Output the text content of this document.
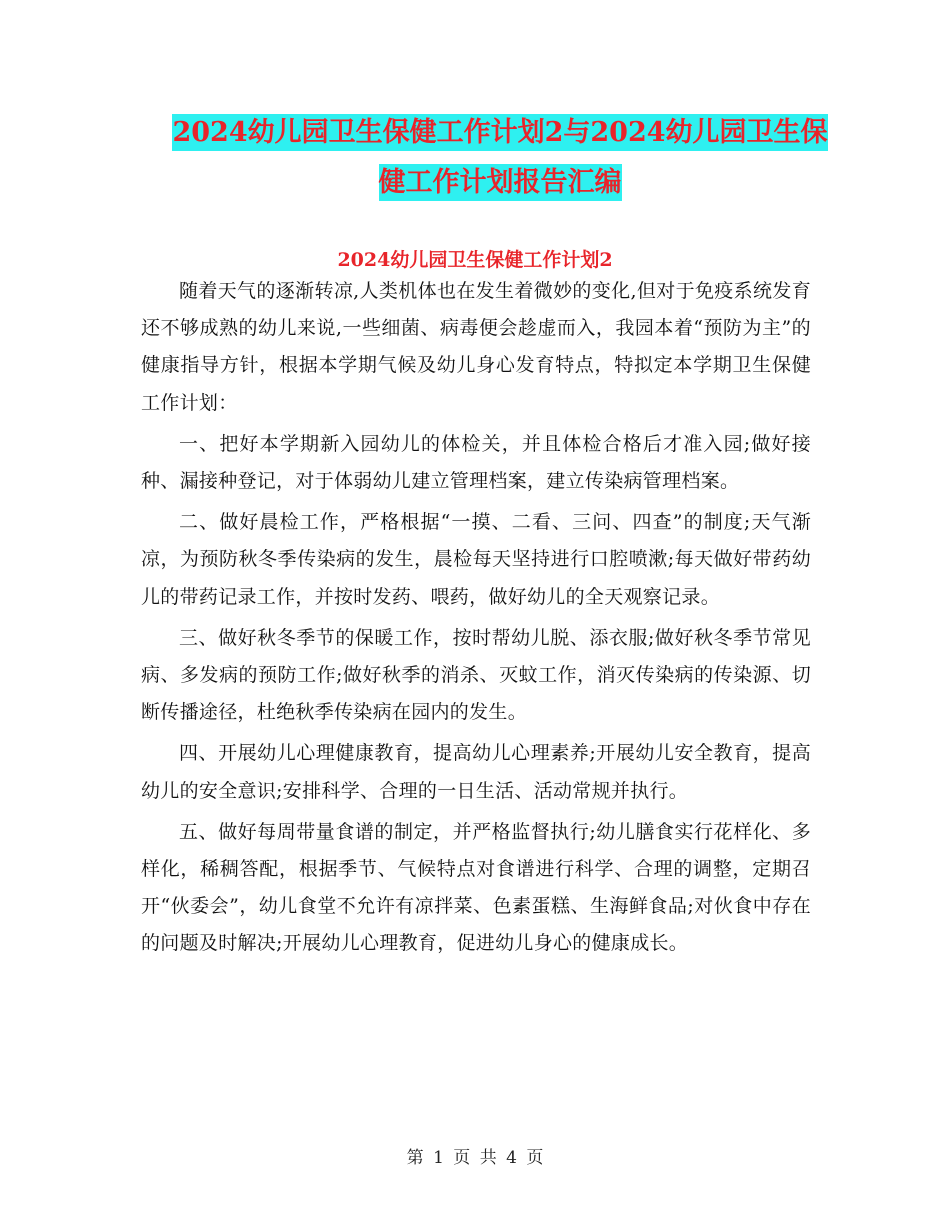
2024幼儿园卫生保健工作计划2与2024幼儿园卫生保
健工作计划报告汇编
2024幼儿园卫生保健工作计划2

随着天气的逐渐转凉,人类机体也在发生着微妙的变化,但对于免疫系统发育还不够成熟的幼儿来说,一些细菌、病毒便会趁虚而入，我园本着“预防为主”的健康指导方针，根据本学期气候及幼儿身心发育特点，特拟定本学期卫生保健工作计划：

一、把好本学期新入园幼儿的体检关，并且体检合格后才准入园;做好接种、漏接种登记，对于体弱幼儿建立管理档案，建立传染病管理档案。

二、做好晨检工作，严格根据“一摸、二看、三问、四查”的制度;天气渐凉，为预防秋冬季传染病的发生，晨检每天坚持进行口腔喷漱;每天做好带药幼儿的带药记录工作，并按时发药、喂药，做好幼儿的全天观察记录。

三、做好秋冬季节的保暖工作，按时帮幼儿脱、添衣服;做好秋冬季节常见病、多发病的预防工作;做好秋季的消杀、灭蚊工作，消灭传染病的传染源、切断传播途径，杜绝秋季传染病在园内的发生。

四、开展幼儿心理健康教育，提高幼儿心理素养;开展幼儿安全教育，提高幼儿的安全意识;安排科学、合理的一日生活、活动常规并执行。

五、做好每周带量食谱的制定，并严格监督执行;幼儿膳食实行花样化、多样化，稀稠答配，根据季节、气候特点对食谱进行科学、合理的调整，定期召开“伙委会”，幼儿食堂不允许有凉拌菜、色素蛋糕、生海鲜食品;对伙食中存在的问题及时解决;开展幼儿心理教育，促进幼儿身心的健康成长。

第 1 页 共 4 页
